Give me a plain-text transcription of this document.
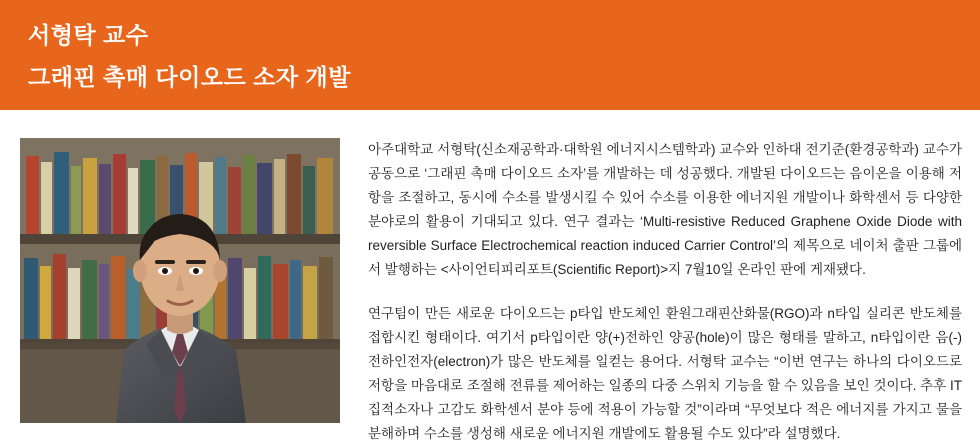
서형탁 교수
그래핀 촉매 다이오드 소자 개발

아주대학교 서형탁(신소재공학과·대학원 에너지시스템학과) 교수와 인하대 전기준(환경공학과) 교수가 공동으로 ‘그래핀 촉매 다이오드 소자’를 개발하는 데 성공했다. 개발된 다이오드는 음이온을 이용해 저항을 조절하고, 동시에 수소를 발생시킬 수 있어 수소를 이용한 에너지원 개발이나 화학센서 등 다양한 분야로의 활용이 기대되고 있다. 연구 결과는 ‘Multi-resistive Reduced Graphene Oxide Diode with reversible Surface Electrochemical reaction induced Carrier Control’의 제목으로 네이처 출판 그룹에서 발행하는 <사이언티피리포트(Scientific Report)>지 7월10일 온라인 판에 게재됐다.

연구팀이 만든 새로운 다이오드는 p타입 반도체인 환원그래핀산화물(RGO)과 n타입 실리콘 반도체를 접합시킨 형태이다. 여기서 p타입이란 양(+)전하인 양공(hole)이 많은 형태를 말하고, n타입이란 음(-)전하인전자(electron)가 많은 반도체를 일컫는 용어다. 서형탁 교수는 “이번 연구는 하나의 다이오드로 저항을 마음대로 조절해 전류를 제어하는 일종의 다중 스위치 기능을 할 수 있음을 보인 것이다. 추후 IT집적소자나 고감도 화학센서 분야 등에 적용이 가능할 것”이라며 “무엇보다 적은 에너지를 가지고 물을 분해하며 수소를 생성해 새로운 에너지원 개발에도 활용될 수도 있다”라 설명했다.
